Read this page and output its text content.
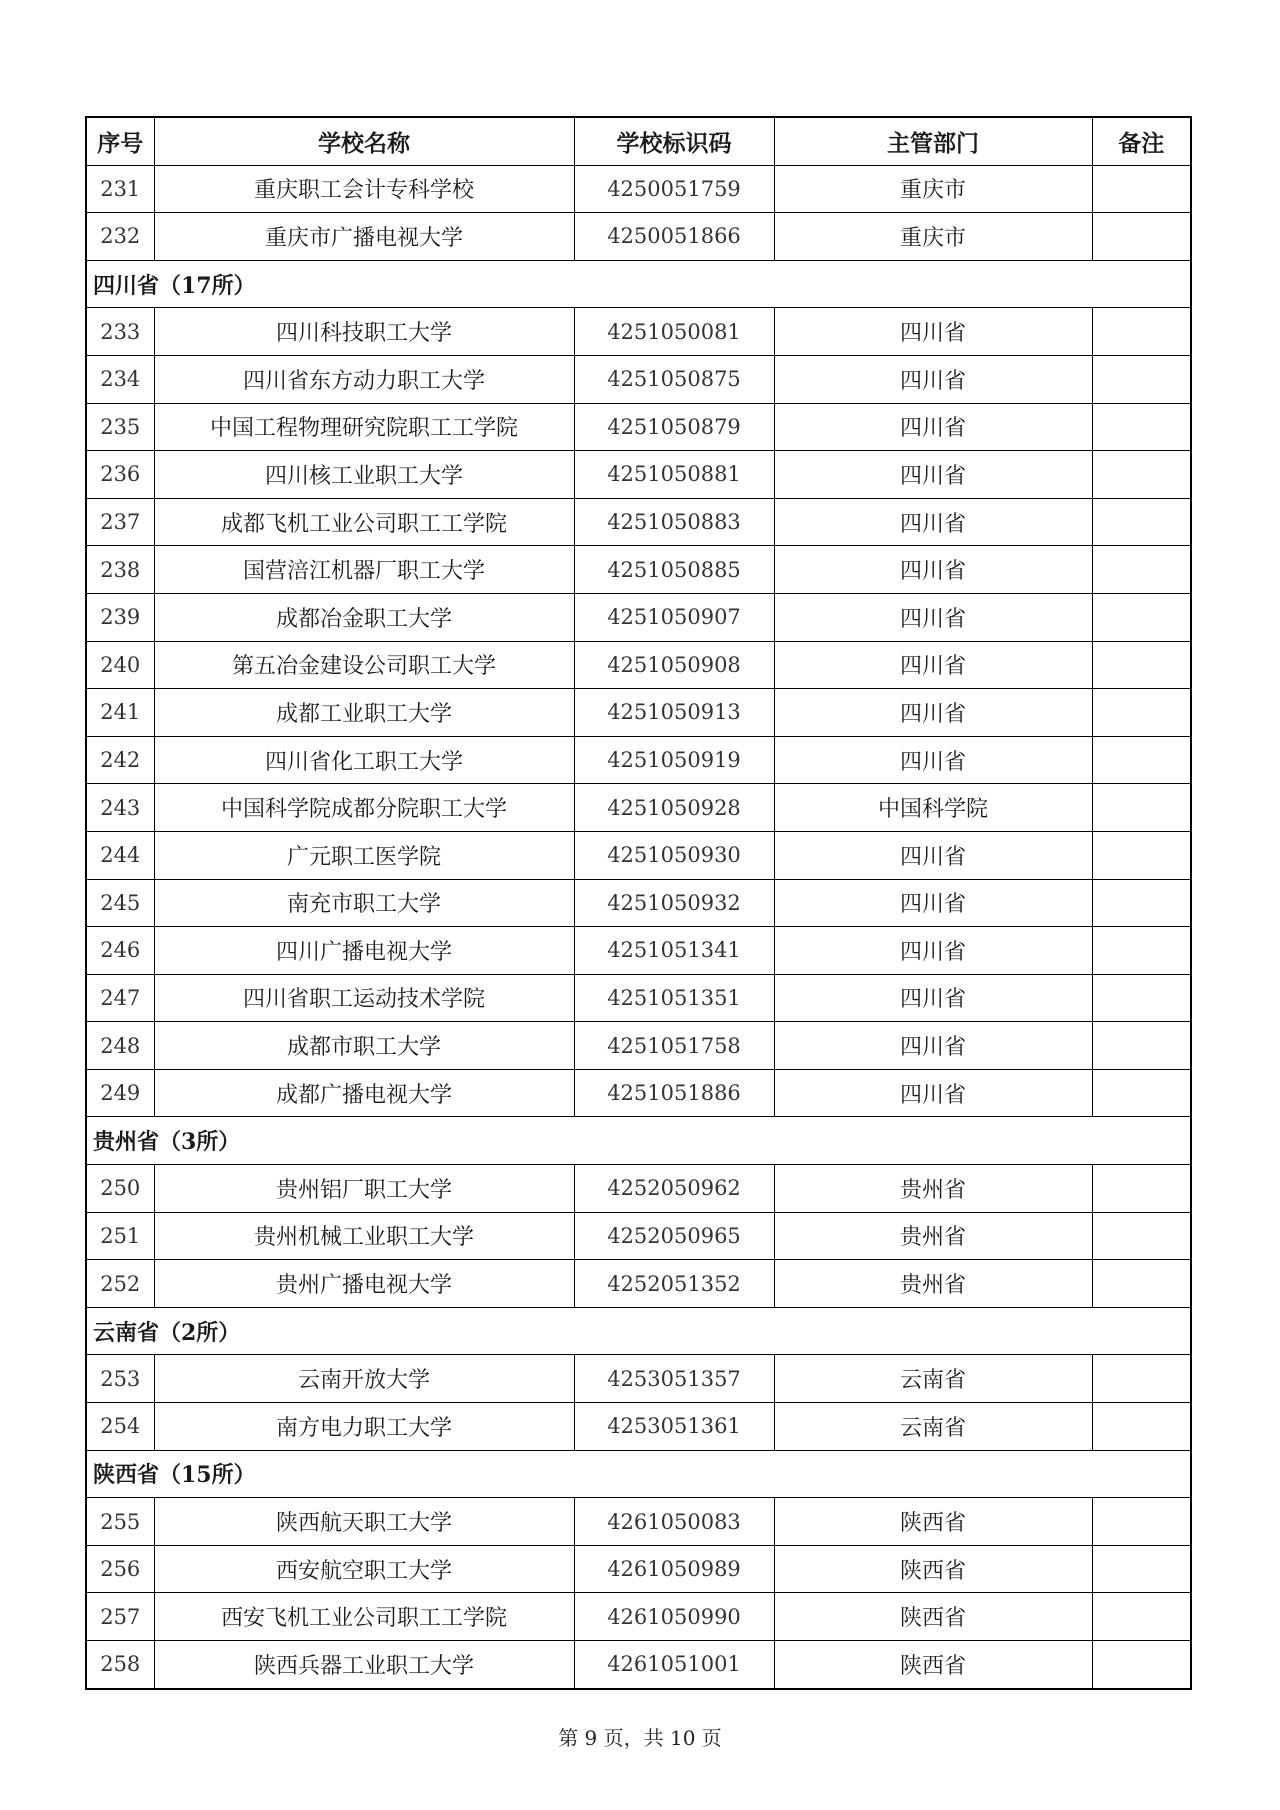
序号	学校名称	学校标识码	主管部门	备注
231	重庆职工会计专科学校	4250051759	重庆市	
232	重庆市广播电视大学	4250051866	重庆市	
四川省（17所）				
233	四川科技职工大学	4251050081	四川省	
234	四川省东方动力职工大学	4251050875	四川省	
235	中国工程物理研究院职工工学院	4251050879	四川省	
236	四川核工业职工大学	4251050881	四川省	
237	成都飞机工业公司职工工学院	4251050883	四川省	
238	国营涪江机器厂职工大学	4251050885	四川省	
239	成都冶金职工大学	4251050907	四川省	
240	第五冶金建设公司职工大学	4251050908	四川省	
241	成都工业职工大学	4251050913	四川省	
242	四川省化工职工大学	4251050919	四川省	
243	中国科学院成都分院职工大学	4251050928	中国科学院	
244	广元职工医学院	4251050930	四川省	
245	南充市职工大学	4251050932	四川省	
246	四川广播电视大学	4251051341	四川省	
247	四川省职工运动技术学院	4251051351	四川省	
248	成都市职工大学	4251051758	四川省	
249	成都广播电视大学	4251051886	四川省	
贵州省（3所）				
250	贵州铝厂职工大学	4252050962	贵州省	
251	贵州机械工业职工大学	4252050965	贵州省	
252	贵州广播电视大学	4252051352	贵州省	
云南省（2所）				
253	云南开放大学	4253051357	云南省	
254	南方电力职工大学	4253051361	云南省	
陕西省（15所）				
255	陕西航天职工大学	4261050083	陕西省	
256	西安航空职工大学	4261050989	陕西省	
257	西安飞机工业公司职工工学院	4261050990	陕西省	
258	陕西兵器工业职工大学	4261051001	陕西省	
第 9 页，共 10 页
